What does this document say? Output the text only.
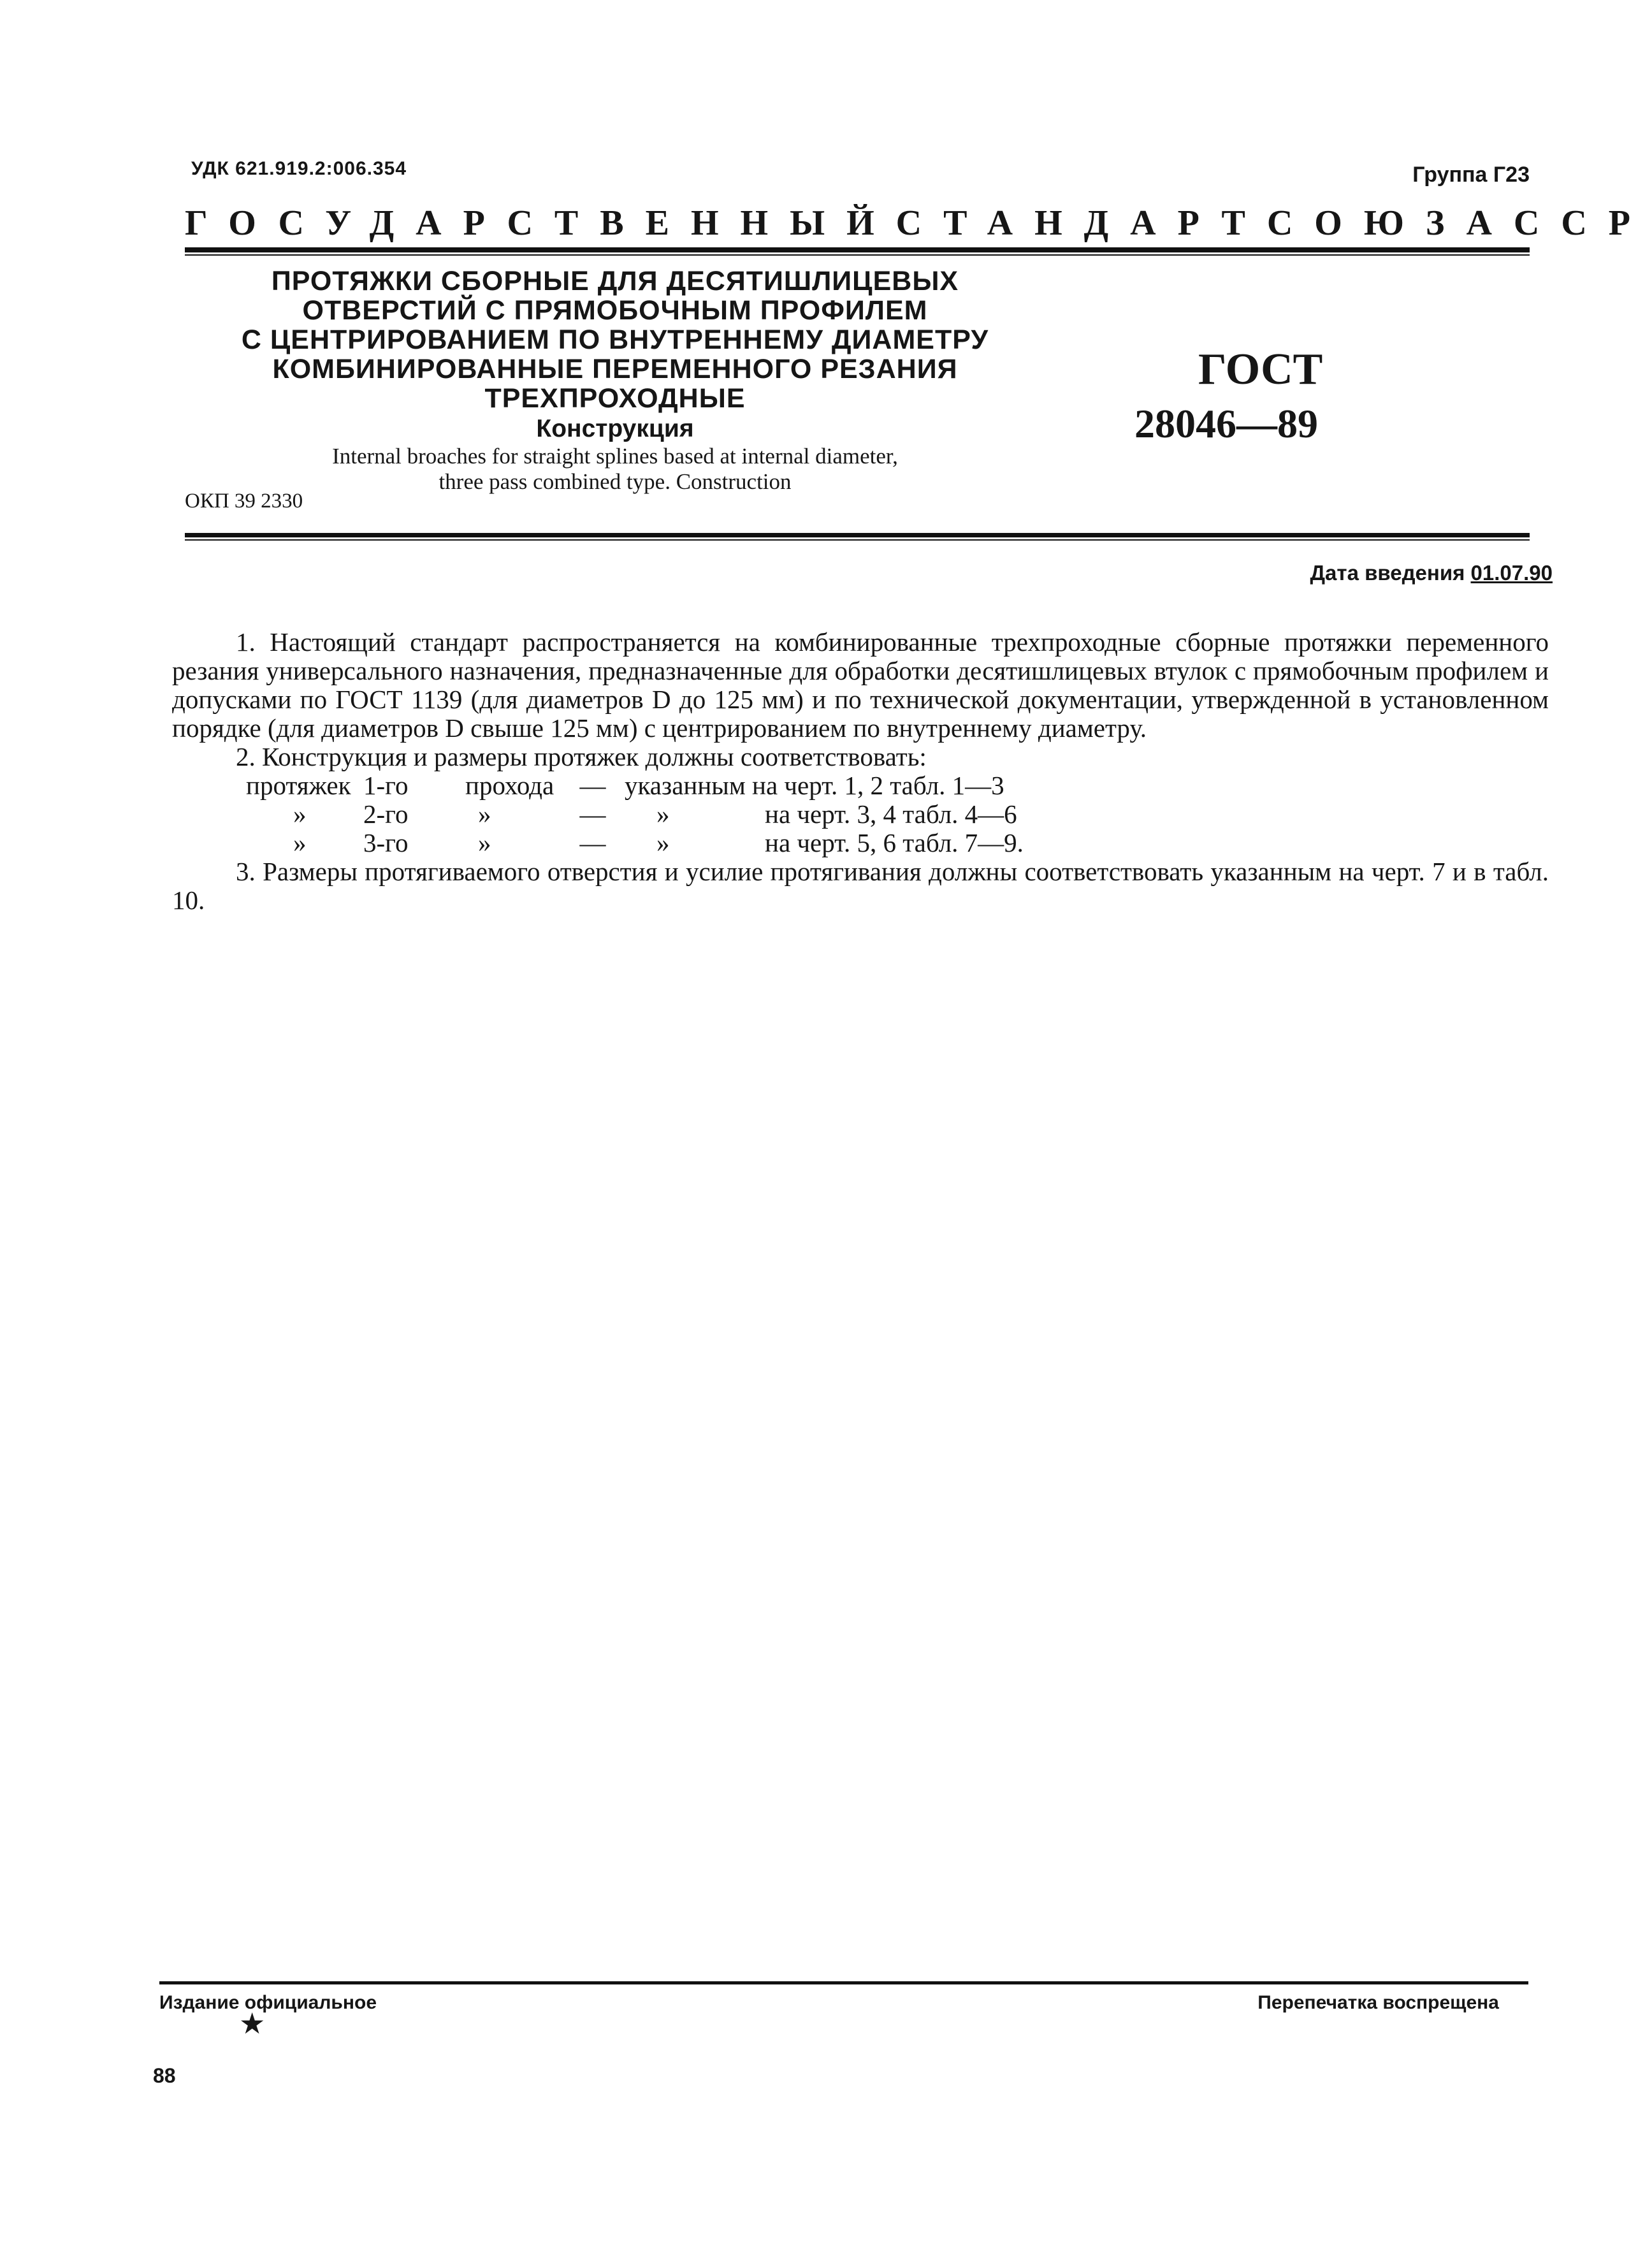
УДК 621.919.2:006.354	Группа Г23
ГОСУДАРСТВЕННЫЙ СТАНДАРТ СОЮЗА ССР

ПРОТЯЖКИ СБОРНЫЕ ДЛЯ ДЕСЯТИШЛИЦЕВЫХ

ОТВЕРСТИЙ С ПРЯМОБОЧНЫМ ПРОФИЛЕМ

С ЦЕНТРИРОВАНИЕМ ПО ВНУТРЕННЕМУ ДИАМЕТРУ

КОМБИНИРОВАННЫЕ ПЕРЕМЕННОГО РЕЗАНИЯ

ТРЕХПРОХОДНЫЕ

Конструкция

Internal broaches for straight splines based at internal diameter,

three pass combined type. Construction

ОКП 39 2330
ГОСТ
28046—89
Дата введения 01.07.90

1. Настоящий стандарт распространяется на комбинированные трехпроходные сборные протяжки переменного резания универсального назначения, предназначенные для обработки десятишлицевых втулок с прямобочным профилем и допусками по ГОСТ 1139 (для диаметров D до 125 мм) и по технической документации, утвержденной в установленном порядке (для диаметров D свыше 125 мм) с центрированием по внутреннему диаметру.

2. Конструкция и размеры протяжек должны соответствовать:

протяжек 1-го	прохода — указанным на черт. 1, 2 табл. 1—3
»	2-го	»	—	»	на черт. 3, 4 табл. 4—6
»	3-го	»	—	»	на черт. 5, 6 табл. 7—9.

3. Размеры протягиваемого отверстия и усилие протягивания должны соответствовать указанным на черт. 7 и в табл. 10.

Издание официальное
★
Перепечатка воспрещена
88
